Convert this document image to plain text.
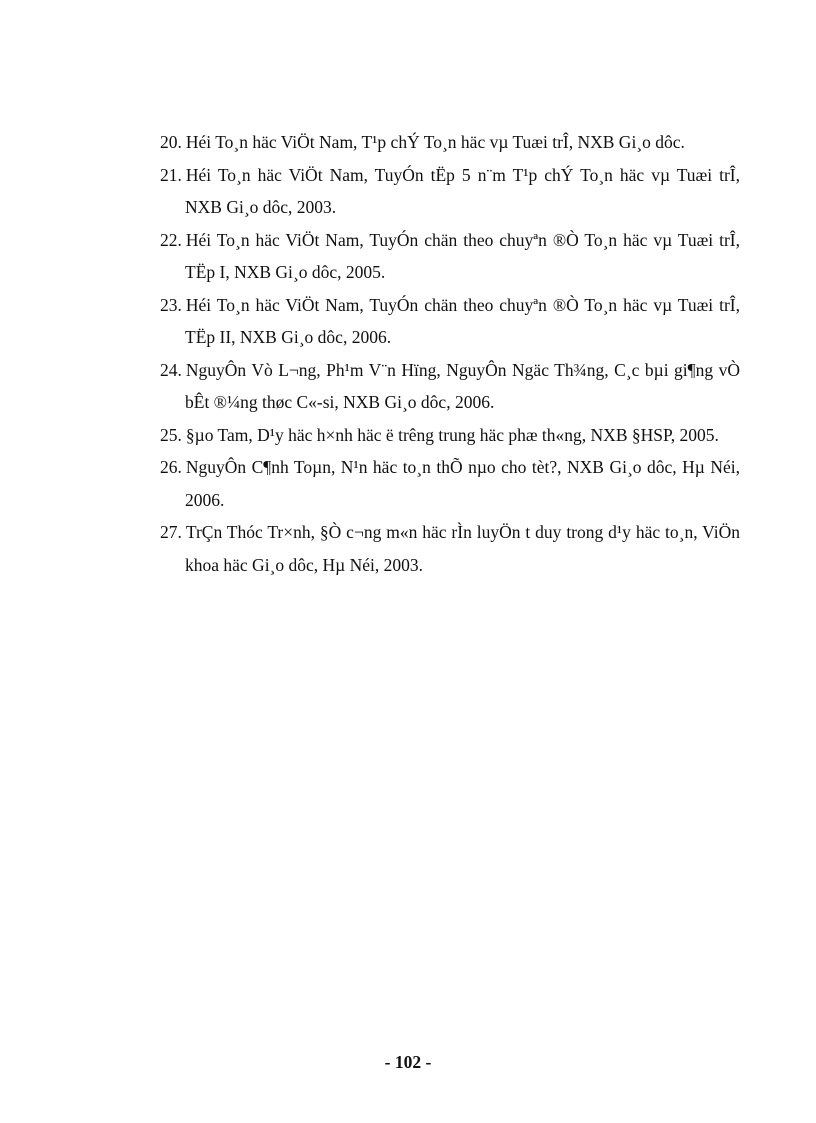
20. Héi To¸n häc ViÖt Nam, T¹p chÝ To¸n häc vµ Tuæi trÎ, NXB Gi¸o dôc.
21. Héi To¸n häc ViÖt Nam, TuyÓn tËp 5 n¨m T¹p chÝ To¸n häc vµ Tuæi trÎ, NXB Gi¸o dôc, 2003.
22. Héi To¸n häc ViÖt Nam, TuyÓn chän theo chuyªn ®Ò To¸n häc vµ Tuæi trÎ, TËp I, NXB Gi¸o dôc, 2005.
23. Héi To¸n häc ViÖt Nam, TuyÓn chän theo chuyªn ®Ò To¸n häc vµ Tuæi trÎ, TËp II, NXB Gi¸o dôc, 2006.
24. NguyÔn Vò L¬ng, Ph¹m V¨n Hïng, NguyÔn Ngäc Th¾ng, C¸c bµi gi¶ng vÒ bÊt ®¼ng thøc C«-si, NXB Gi¸o dôc, 2006.
25. §µo Tam, D¹y häc h×nh häc ë trêng trung häc phæ th«ng, NXB §HSP, 2005.
26. NguyÔn C¶nh Toµn, N¹n häc to¸n thÕ nµo cho tèt?, NXB Gi¸o dôc, Hµ Néi, 2006.
27. TrÇn Thóc Tr×nh, §Ò c¬ng m«n häc rÌn luyÖn t duy trong d¹y häc to¸n, ViÖn khoa häc Gi¸o dôc, Hµ Néi, 2003.
- 102 -
